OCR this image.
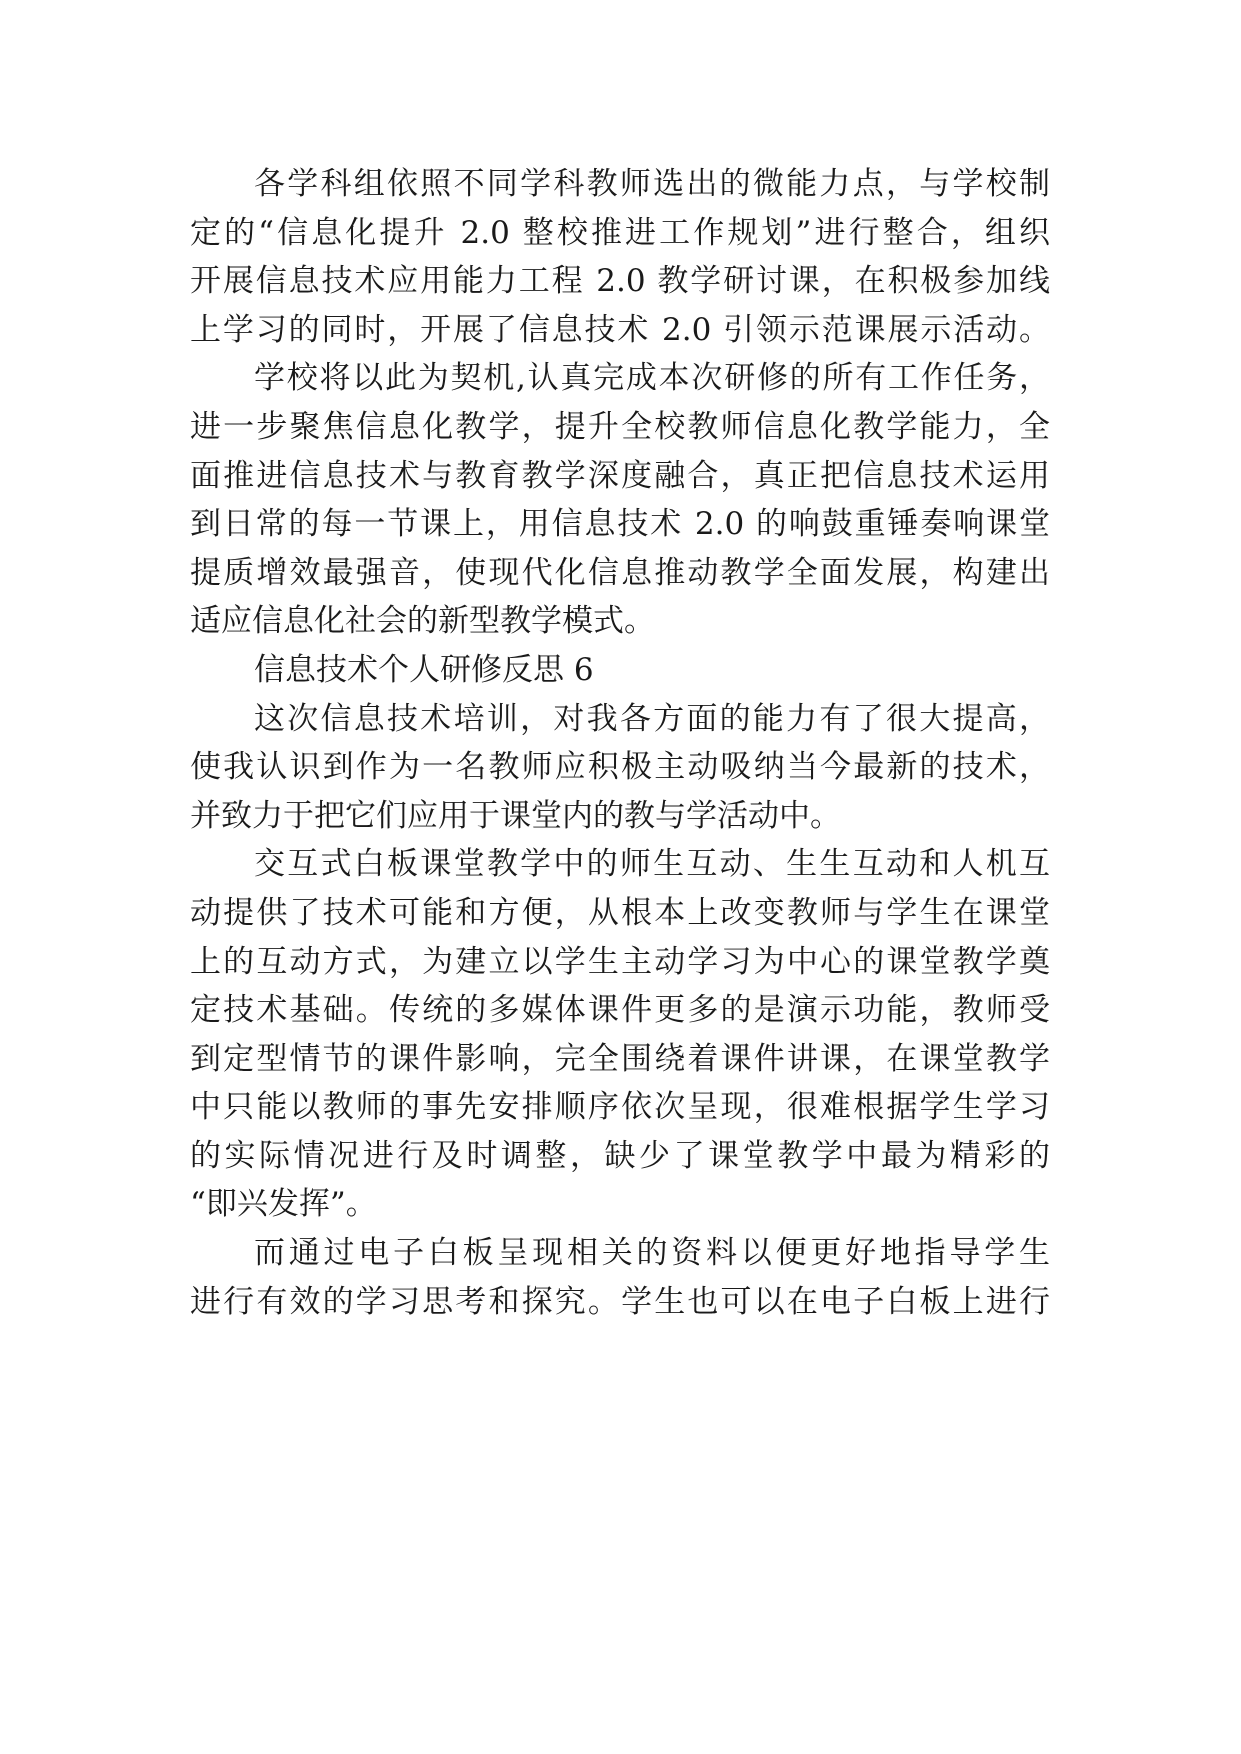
各学科组依照不同学科教师选出的微能力点，与学校制
定的“信息化提升 2.0 整校推进工作规划”进行整合，组织
开展信息技术应用能力工程 2.0 教学研讨课，在积极参加线
上学习的同时，开展了信息技术 2.0 引领示范课展示活动。
学校将以此为契机,认真完成本次研修的所有工作任务，
进一步聚焦信息化教学，提升全校教师信息化教学能力，全
面推进信息技术与教育教学深度融合，真正把信息技术运用
到日常的每一节课上，用信息技术 2.0 的响鼓重锤奏响课堂
提质增效最强音，使现代化信息推动教学全面发展，构建出
适应信息化社会的新型教学模式。
信息技术个人研修反思 6
这次信息技术培训，对我各方面的能力有了很大提高，
使我认识到作为一名教师应积极主动吸纳当今最新的技术，
并致力于把它们应用于课堂内的教与学活动中。
交互式白板课堂教学中的师生互动、生生互动和人机互
动提供了技术可能和方便，从根本上改变教师与学生在课堂
上的互动方式，为建立以学生主动学习为中心的课堂教学奠
定技术基础。传统的多媒体课件更多的是演示功能，教师受
到定型情节的课件影响，完全围绕着课件讲课，在课堂教学
中只能以教师的事先安排顺序依次呈现，很难根据学生学习
的实际情况进行及时调整，缺少了课堂教学中最为精彩的
“即兴发挥”。
而通过电子白板呈现相关的资料以便更好地指导学生
进行有效的学习思考和探究。学生也可以在电子白板上进行
